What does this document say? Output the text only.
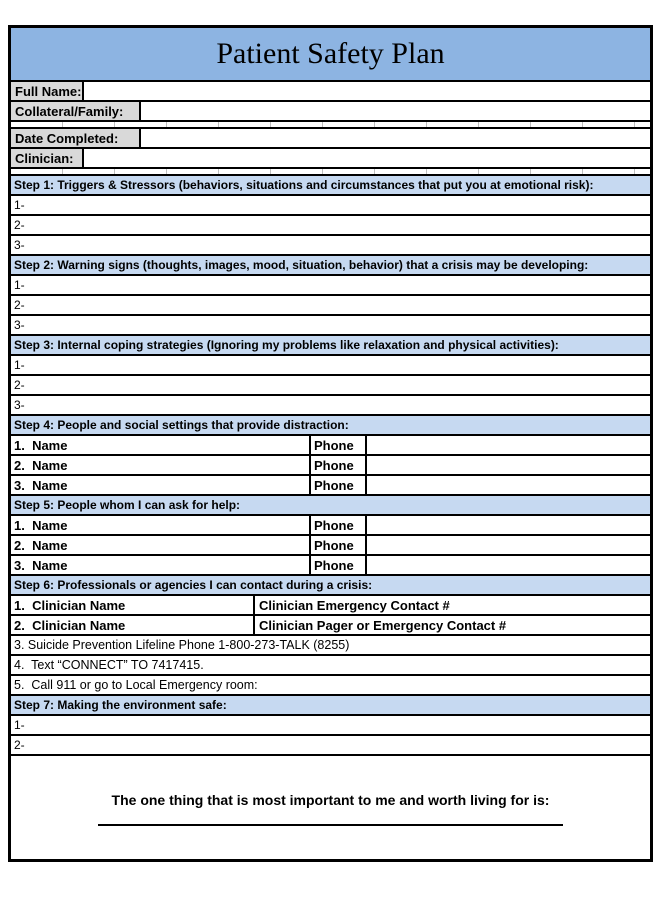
Patient Safety Plan
Full Name:
Collateral/Family:
Date Completed:
Clinician:
Step 1: Triggers & Stressors (behaviors, situations and circumstances that put you at emotional risk):
1-
2-
3-
Step 2: Warning signs (thoughts, images, mood, situation, behavior) that a crisis may be developing:
1-
2-
3-
Step 3: Internal coping strategies (Ignoring my problems like relaxation and physical activities):
1-
2-
3-
Step 4: People and social settings that provide distraction:
1.  Name	Phone
2.  Name	Phone
3.  Name	Phone
Step 5: People whom I can ask for help:
1.  Name	Phone
2.  Name	Phone
3.  Name	Phone
Step 6: Professionals or agencies I can contact during a crisis:
1.  Clinician Name	Clinician Emergency Contact #
2.  Clinician Name	Clinician Pager or Emergency Contact #
3. Suicide Prevention Lifeline Phone 1-800-273-TALK (8255)
4.  Text “CONNECT” TO 7417415.
5.  Call 911 or go to Local Emergency room:
Step 7: Making the environment safe:
1-
2-
The one thing that is most important to me and worth living for is:
